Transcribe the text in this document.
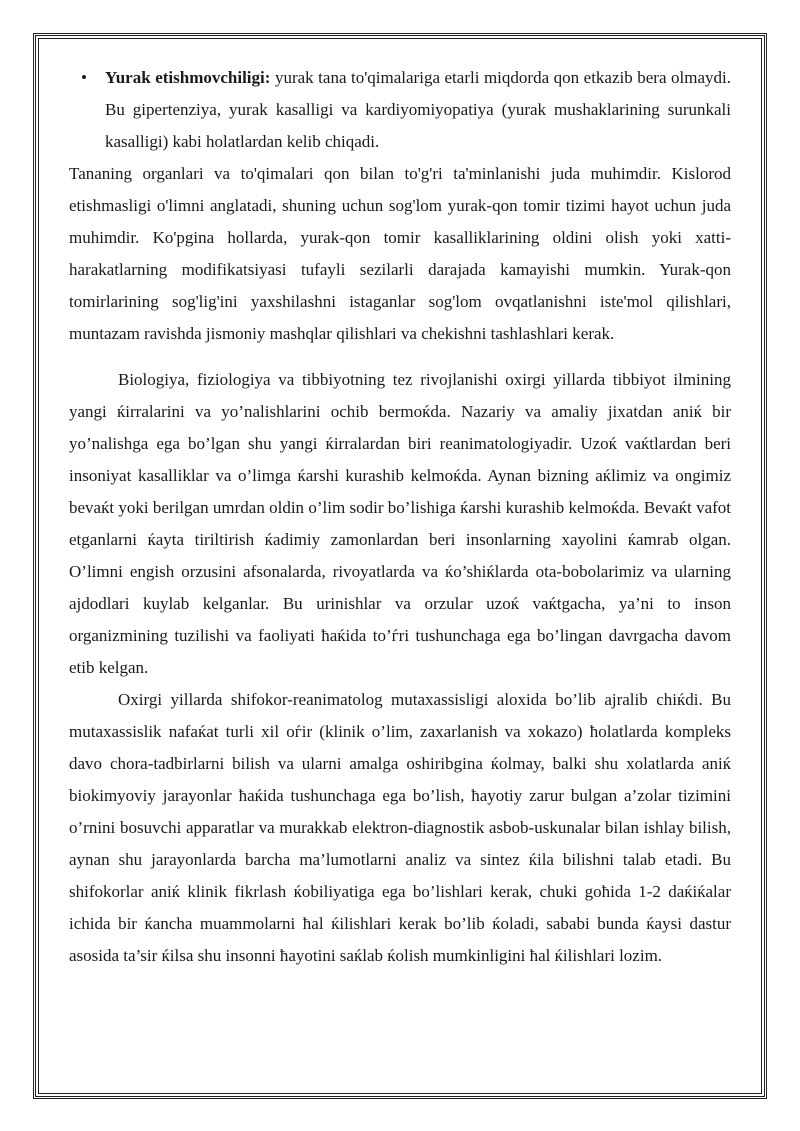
• Yurak etishmovchiligi: yurak tana to'qimalariga etarli miqdorda qon etkazib bera olmaydi. Bu gipertenziya, yurak kasalligi va kardiyomiyopatiya (yurak mushaklarining surunkali kasalligi) kabi holatlardan kelib chiqadi.

Tananing organlari va to'qimalari qon bilan to'g'ri ta'minlanishi juda muhimdir. Kislorod etishmasligi o'limni anglatadi, shuning uchun sog'lom yurak-qon tomir tizimi hayot uchun juda muhimdir. Ko'pgina hollarda, yurak-qon tomir kasalliklarining oldini olish yoki xatti-harakatlarning modifikatsiyasi tufayli sezilarli darajada kamayishi mumkin. Yurak-qon tomirlarining sog'lig'ini yaxshilashni istaganlar sog'lom ovqatlanishni iste'mol qilishlari, muntazam ravishda jismoniy mashqlar qilishlari va chekishni tashlashlari kerak.

Biologiya, fiziologiya va tibbiyotning tez rivojlanishi oxirgi yillarda tibbiyot ilmining yangi ќirralarini va yo’nalishlarini ochib bermoќda. Nazariy va amaliy jixatdan aniќ bir yo’nalishga ega bo’lgan shu yangi ќirralardan biri reanimatologiyadir. Uzoќ vaќtlardan beri insoniyat kasalliklar va o’limga ќarshi kurashib kelmoќda. Aynan bizning aќlimiz va ongimiz bevaќt yoki berilgan umrdan oldin o’lim sodir bo’lishiga ќarshi kurashib kelmoќda. Bevaќt vafot etganlarni ќayta tiriltirish ќadimiy zamonlardan beri insonlarning xayolini ќamrab olgan. O’limni engish orzusini afsonalarda, rivoyatlarda va ќo’shiќlarda ota-bobolarimiz va ularning ajdodlari kuylab kelganlar. Bu urinishlar va orzular uzoќ vaќtgacha, ya’ni to inson organizmining tuzilishi va faoliyati ћaќida to’ѓri tushunchaga ega bo’lingan davrgacha davom etib kelgan.

Oxirgi yillarda shifokor-reanimatolog mutaxassisligi aloxida bo’lib ajralib chiќdi. Bu mutaxassislik nafaќat turli xil oѓir (klinik o’lim, zaxarlanish va xokazo) ћolatlarda kompleks davo chora-tadbirlarni bilish va ularni amalga oshiribgina ќolmay, balki shu xolatlarda aniќ biokimyoviy jarayonlar ћaќida tushunchaga ega bo’lish, ћayotiy zarur bulgan a’zolar tizimini o’rnini bosuvchi apparatlar va murakkab elektron-diagnostik asbob-uskunalar bilan ishlay bilish, aynan shu jarayonlarda barcha ma’lumotlarni analiz va sintez ќila bilishni talab etadi. Bu shifokorlar aniќ klinik fikrlash ќobiliyatiga ega bo’lishlari kerak, chuki goћida 1-2 daќiќalar ichida bir ќancha muammolarni ћal ќilishlari kerak bo’lib ќoladi, sababi bunda ќaysi dastur asosida ta’sir ќilsa shu insonni ћayotini saќlab ќolish mumkinligini ћal ќilishlari lozim.
